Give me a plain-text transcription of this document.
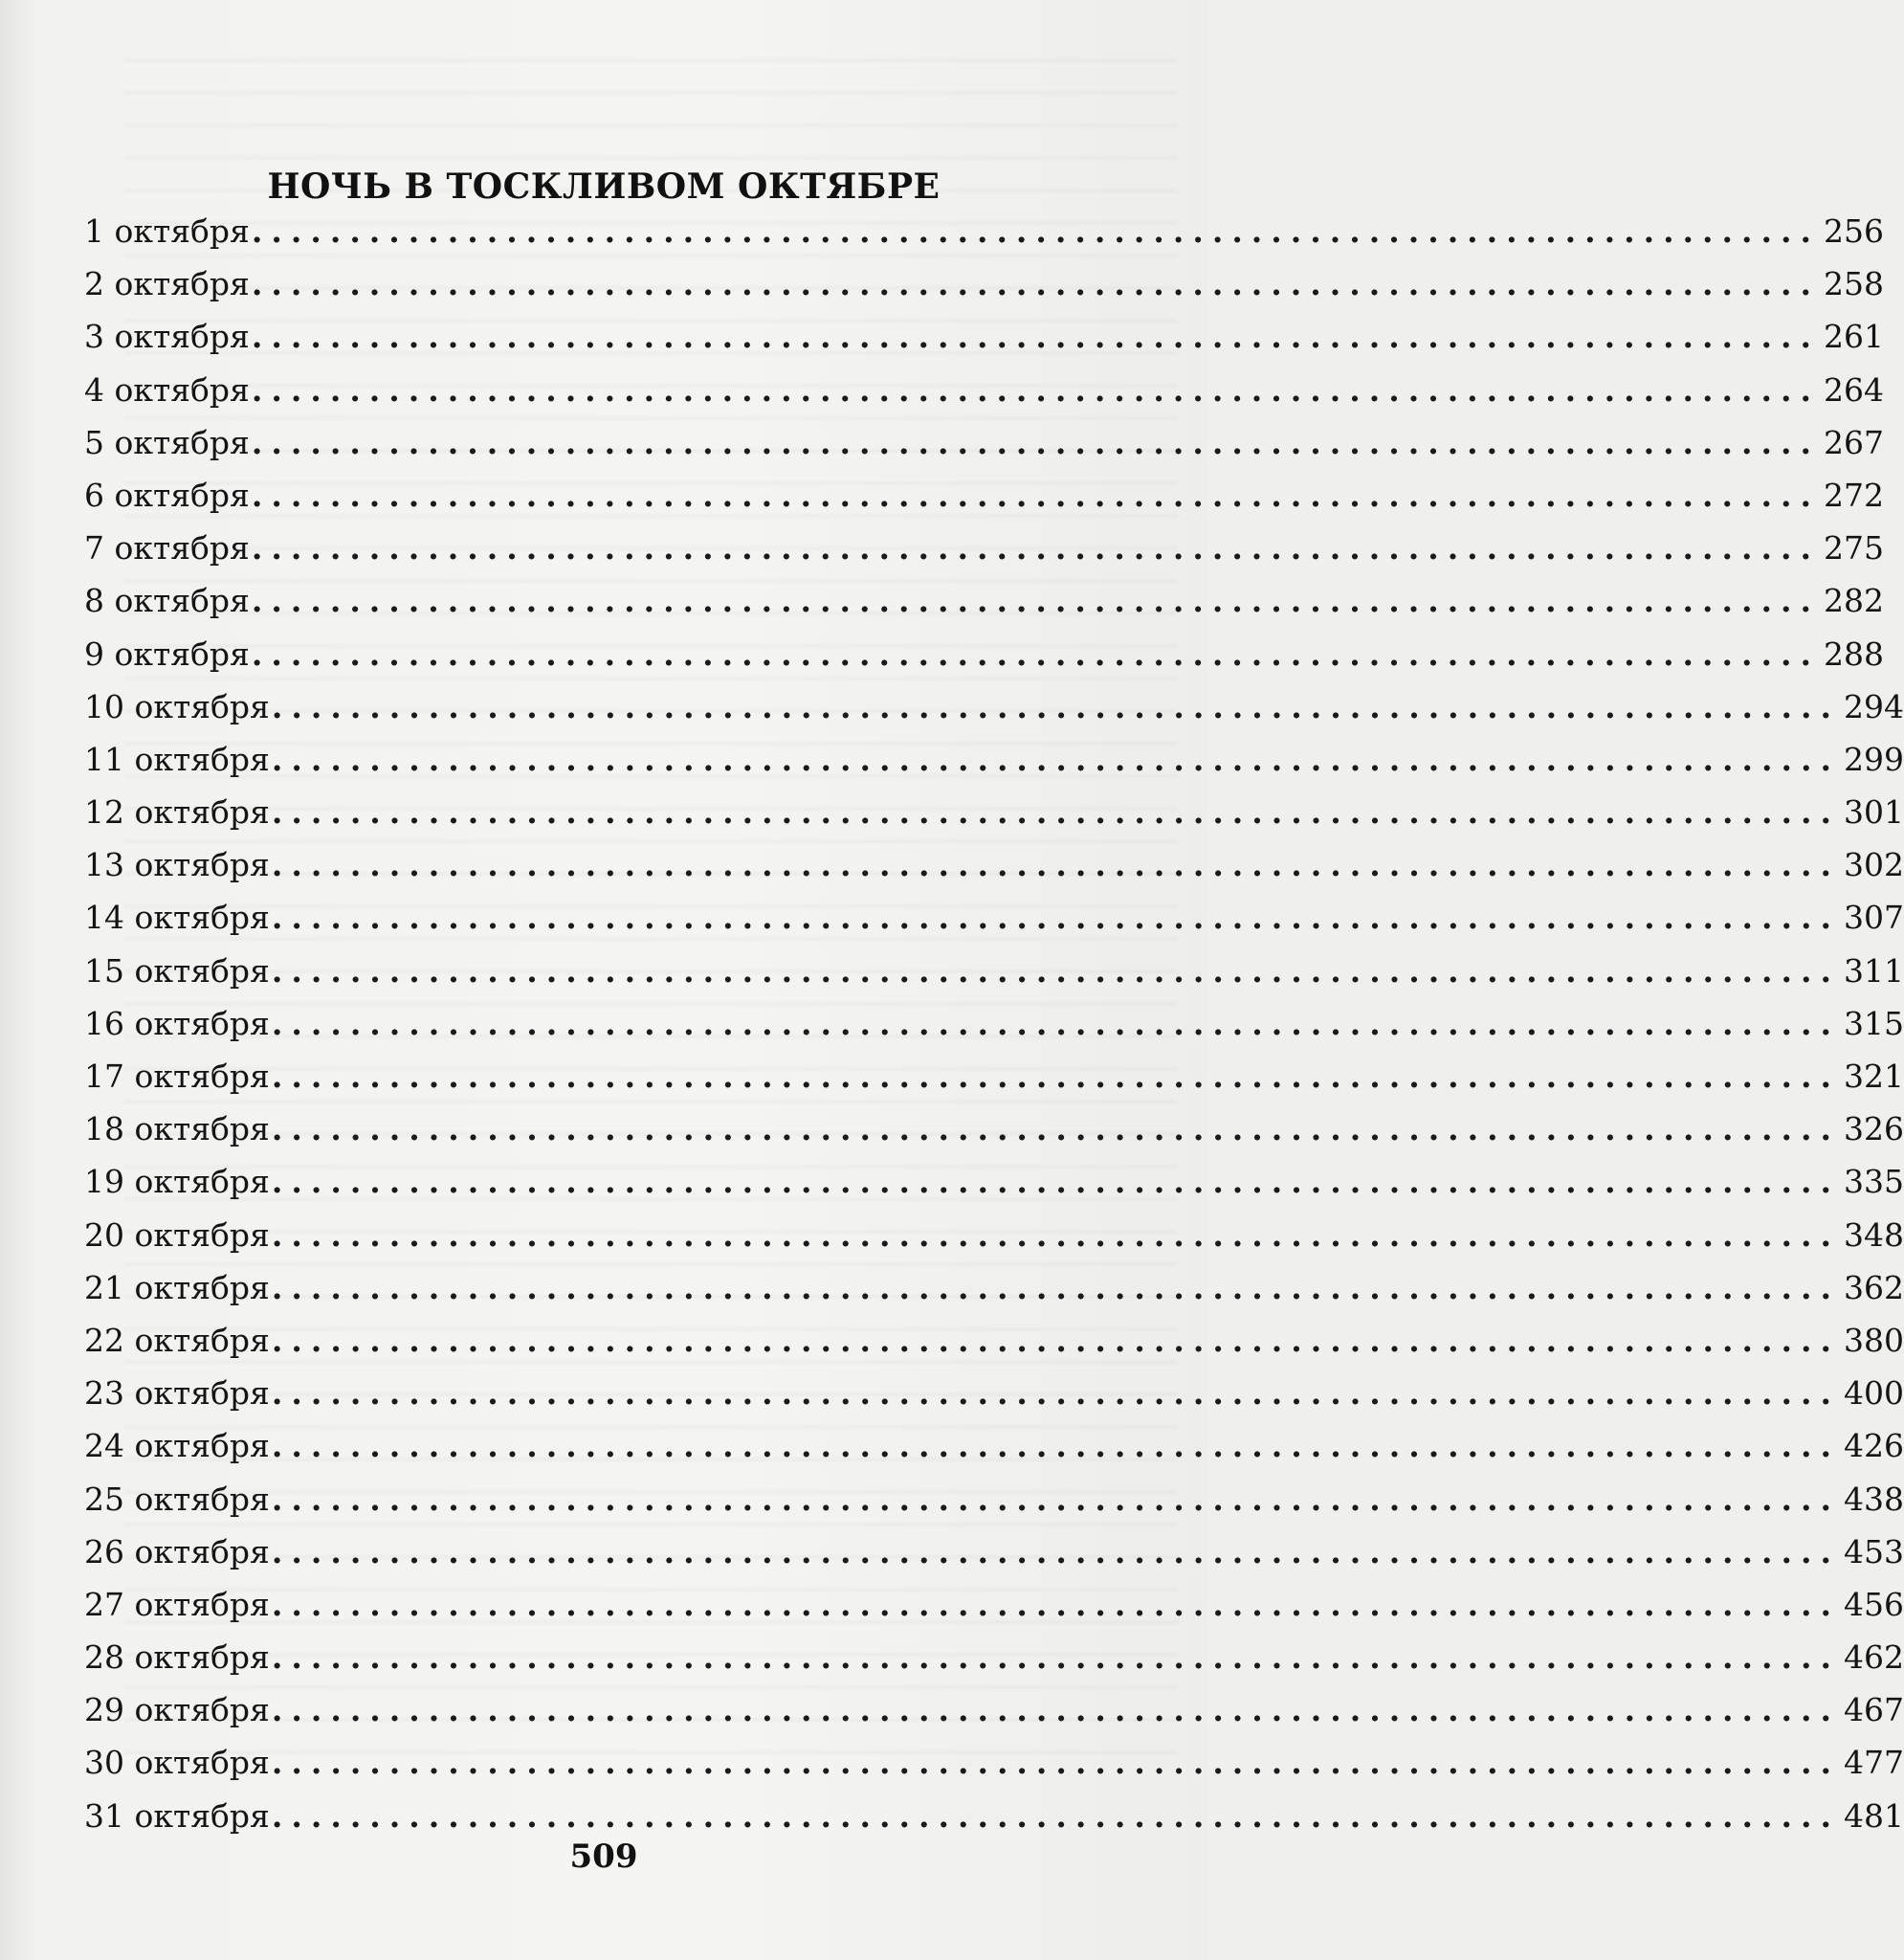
НОЧЬ В ТОСКЛИВОМ ОКТЯБРЕ
1 октября ................................................................................ 256
2 октября ................................................................................ 258
3 октября ................................................................................ 261
4 октября ................................................................................ 264
5 октября ................................................................................ 267
6 октября ................................................................................ 272
7 октября ................................................................................ 275
8 октября ................................................................................ 282
9 октября ................................................................................ 288
10 октября ................................................................................ 294
11 октября ................................................................................ 299
12 октября ................................................................................ 301
13 октября ................................................................................ 302
14 октября ................................................................................ 307
15 октября ................................................................................ 311
16 октября ................................................................................ 315
17 октября ................................................................................ 321
18 октября ................................................................................ 326
19 октября ................................................................................ 335
20 октября ................................................................................ 348
21 октября ................................................................................ 362
22 октября ................................................................................ 380
23 октября ................................................................................ 400
24 октября ................................................................................ 426
25 октября ................................................................................ 438
26 октября ................................................................................ 453
27 октября ................................................................................ 456
28 октября ................................................................................ 462
29 октября ................................................................................ 467
30 октября ................................................................................ 477
31 октября ................................................................................ 481
509
